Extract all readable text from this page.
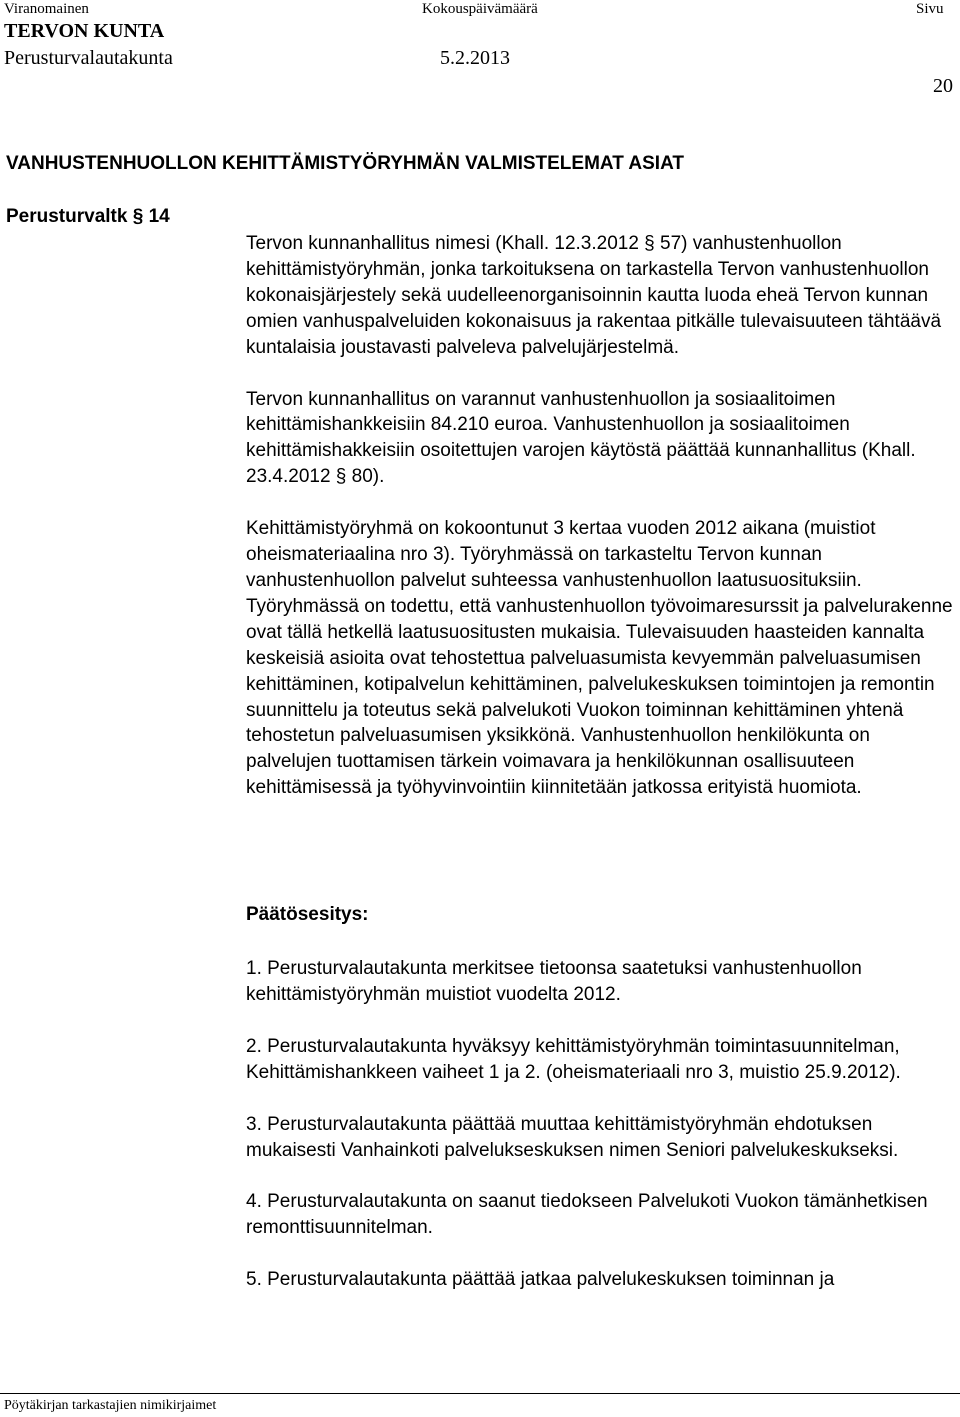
Viranomainen	Kokouspäivämäärä	Sivu
TERVON KUNTA
Perusturvalautakunta	5.2.2013
20
VANHUSTENHUOLLON KEHITTÄMISTYÖRYHMÄN VALMISTELEMAT ASIAT
Perusturvaltk § 14

Tervon kunnanhallitus nimesi (Khall. 12.3.2012 § 57) vanhustenhuollon kehittämistyöryhmän, jonka tarkoituksena on tarkastella Tervon vanhustenhuollon kokonaisjärjestely sekä uudelleenorganisoinnin kautta luoda eheä Tervon kunnan omien vanhuspalveluiden kokonaisuus ja rakentaa pitkälle tulevaisuuteen tähtäävä kuntalaisia joustavasti palveleva palvelujärjestelmä.

Tervon kunnanhallitus on varannut vanhustenhuollon ja sosiaalitoimen kehittämishankkeisiin 84.210 euroa. Vanhustenhuollon ja sosiaalitoimen kehittämishakkeisiin osoitettujen varojen käytöstä päättää kunnanhallitus (Khall. 23.4.2012 § 80).

Kehittämistyöryhmä on kokoontunut 3 kertaa vuoden 2012 aikana (muistiot oheismateriaalina nro 3). Työryhmässä on tarkasteltu Tervon kunnan vanhustenhuollon palvelut suhteessa vanhustenhuollon laatusuosituksiin. Työryhmässä on todettu, että vanhustenhuollon työvoimaresurssit ja palvelurakenne ovat tällä hetkellä laatusuositusten mukaisia. Tulevaisuuden haasteiden kannalta keskeisiä asioita ovat tehostettua palveluasumista kevyemmän palveluasumisen kehittäminen, kotipalvelun kehittäminen, palvelukeskuksen toimintojen ja remontin suunnittelu ja toteutus sekä palvelukoti Vuokon toiminnan kehittäminen yhtenä tehostetun palveluasumisen yksikkönä. Vanhustenhuollon henkilökunta on palvelujen tuottamisen tärkein voimavara ja henkilökunnan osallisuuteen kehittämisessä ja työhyvinvointiin kiinnitetään jatkossa erityistä huomiota.

Päätösesitys:

1. Perusturvalautakunta merkitsee tietoonsa saatetuksi vanhustenhuollon kehittämistyöryhmän muistiot vuodelta 2012.

2. Perusturvalautakunta hyväksyy kehittämistyöryhmän toimintasuunnitelman, Kehittämishankkeen vaiheet 1 ja 2. (oheismateriaali nro 3, muistio 25.9.2012).

3. Perusturvalautakunta päättää muuttaa kehittämistyöryhmän ehdotuksen mukaisesti Vanhainkoti palvelukseskuksen nimen Seniori palvelukeskukseksi.

4. Perusturvalautakunta on saanut tiedokseen Palvelukoti Vuokon tämänhetkisen remonttisuunnitelman.

5. Perusturvalautakunta päättää jatkaa palvelukeskuksen toiminnan ja

Pöytäkirjan tarkastajien nimikirjaimet
